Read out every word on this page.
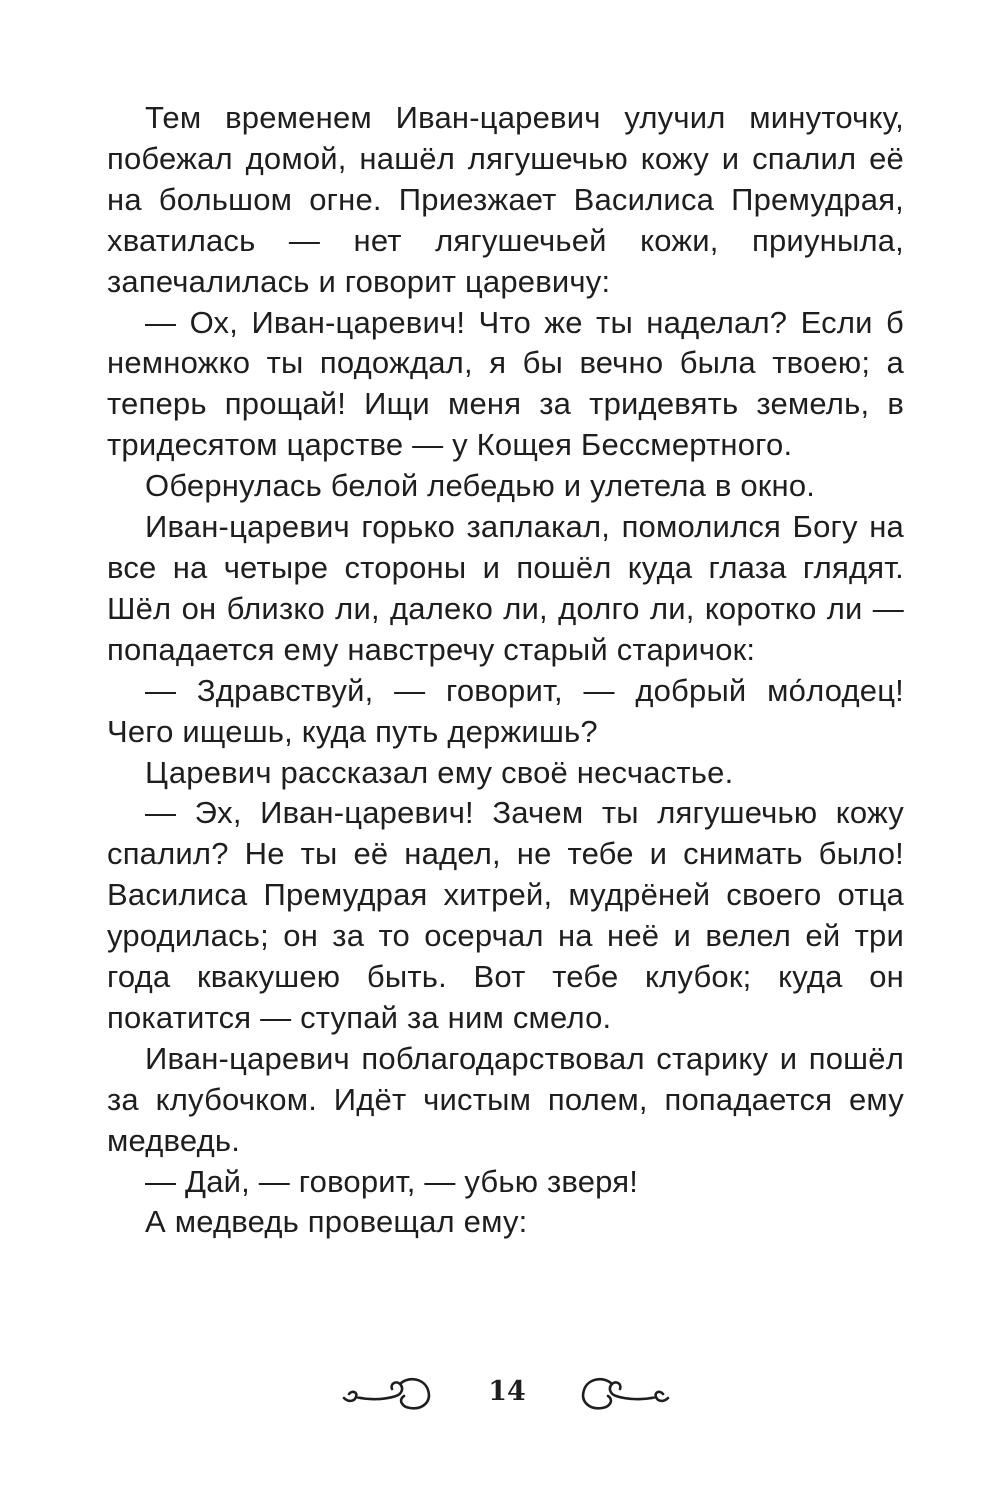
Тем временем Иван-царевич улучил минуточку, побежал домой, нашёл лягушечью кожу и спалил её на большом огне. Приезжает Василиса Премудрая, хватилась — нет лягушечьей кожи, приуныла, запечалилась и говорит царевичу:

— Ох, Иван-царевич! Что же ты наделал? Если б немножко ты подождал, я бы вечно была твоею; а теперь прощай! Ищи меня за тридевять земель, в тридесятом царстве — у Кощея Бессмертного.

Обернулась белой лебедью и улетела в окно.

Иван-царевич горько заплакал, помолился Богу на все на четыре стороны и пошёл куда глаза глядят. Шёл он близко ли, далеко ли, долго ли, коротко ли — попадается ему навстречу старый старичок:

— Здравствуй, — говорит, — добрый мо́лодец! Чего ищешь, куда путь держишь?

Царевич рассказал ему своё несчастье.

— Эх, Иван-царевич! Зачем ты лягушечью кожу спалил? Не ты её надел, не тебе и снимать было! Василиса Премудрая хитрей, мудрёней своего отца уродилась; он за то осерчал на неё и велел ей три года квакушею быть. Вот тебе клубок; куда он покатится — ступай за ним смело.

Иван-царевич поблагодарствовал старику и пошёл за клубочком. Идёт чистым полем, попадается ему медведь.

— Дай, — говорит, — убью зверя!

А медведь провещал ему:

14
